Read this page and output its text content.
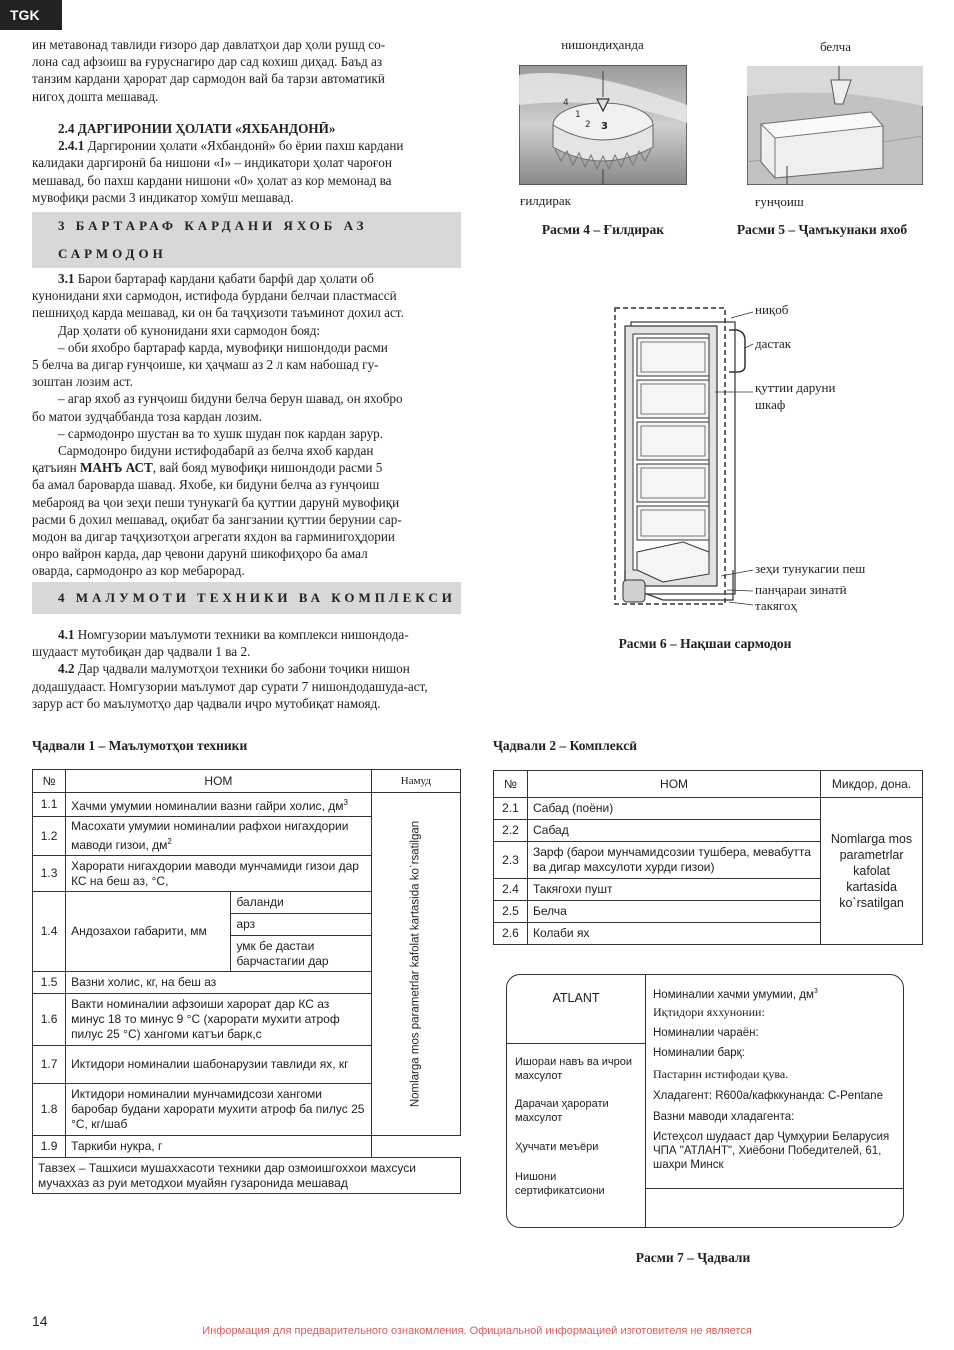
TGK

ин метавонад тавлиди ғизоро дар давлатҳои дар ҳоли рушд со-

лона сад афзоиш ва ғуруснагиро дар сад кохиш диҳад. Баъд аз

танзим кардани ҳарорат дар сармодон вай ба тарзи автоматикӣ

нигоҳ дошта мешавад.

2.4 ДАРГИРОНИИ ҲОЛАТИ «ЯХБАНДОНӢ»

2.4.1 Даргиронии ҳолати «Яхбандонӣ» бо ёрии пахш кардани

калидаки даргиронӣ ба нишони «I» – индикатори ҳолат чароғон

мешавад, бо пахш кардани нишони «0» ҳолат аз кор мемонад ва

мувофиқи расми 3 индикатор хомӯш мешавад.

3 БАРТАРАФ КАРДАНИ ЯХОБ АЗ
САРМОДОН

3.1 Барои бартараф кардани қабати барфӣ дар ҳолати об

кунонидани яхи сармодон, истифода бурдани белчаи пластмассӣ

пешниҳод карда мешавад, ки он ба таҷҳизоти таъминот дохил аст.

Дар ҳолати об кунонидани яхи сармодон бояд:

– оби яхобро бартараф карда, мувофиқи нишондоди расми

5 белча ва дигар ғунҷоише, ки ҳаҷмаш аз 2 л кам набошад гу-

зоштан лозим аст.

– агар яхоб аз ғунҷоиш бидуни белча берун шавад, он яхобро

бо матои зудҷаббанда тоза кардан лозим.

– сармодонро шустан ва то хушк шудан пок кардан зарур.

Сармодонро бидуни истифодабарӣ аз белча яхоб кардан

қатъиян МАНЪ АСТ, вай бояд мувофиқи нишондоди расми 5

ба амал бароварда шавад. Яхобе, ки бидуни белча аз ғунҷоиш

мебарояд ва ҷои зеҳи пеши тунукагӣ ба қуттии дарунӣ мувофиқи

расми 6 дохил мешавад, оқибат ба зангзании қуттии берунии сар-

модон ва дигар таҷҳизотҳои агрегати яхдон ва гарминигоҳдории

онро вайрон карда, дар ҷевони дарунӣ шикофиҳоро ба амал

оварда, сармодонро аз кор мебарорад.

4 МАЛУМОТИ ТЕХНИКИ ВА КОМПЛЕКСИ

4.1 Номгузории маълумоти техники ва комплекси нишондода-

шудааст мутобиқан дар ҷадвали 1 ва 2.

4.2 Дар ҷадвали малумотҳои техники бо забони тоҷики нишон

додашудааст. Номгузории маълумот дар сурати 7 нишондодашуда-аст,

зарур аст бо маълумотҳо дар ҷадвали иҷро мутобиқат намояд.

нишондиҳанда
4
1
2 3
ғилдирак
Расми 4 – Ғилдирак
белча
ғунҷоиш
Расми 5 – Ҷамъкунаки яхоб
ниқоб
дастак
қуттии даруни
шкаф
зеҳи тунукагии пеш
панҷараи зинатӣ
такягоҳ
Расми 6 – Нақшаи сармодон
Ҷадвали 1 – Маълумотҳои техники
№	НОМ		Намуд
1.1	Хачми умумии номиналии вазни гайри холис, $дм^3$		Nomlarga mos parametrlar kafolat kartasida ko`rsatilgan

1.2	Масохати умумии номиналии рафхои нигахдории маводи гизои, $дм^2$
1.3	Харорати нигахдории маводи мунчамиди гизои дар КС на беш аз, °С,		
1.4	Андозахои габарити, мм	баланди	
		арз	
		умк бе дастаи барчастагии дар	
1.5	Вазни холис, кг, на беш аз		
1.6	Вакти номиналии афзоиши харорат дар КС аз минус 18 то минус 9 °С (харорати мухити атроф пилус 25 °С) хангоми катъи барк,с		
1.7	Иктидори номиналии шабонарузии тавлиди ях, кг		
1.8	Иктидори номиналии мунчамидсози хангоми баробар будани харорати мухити атроф ба пилус 25 °С, кг/шаб		
1.9	Таркиби нукра, г		
Тавзех – Ташхиси мушаххасоти техники дар озмоишгоххои махсуси мучаххаз аз руи методхои муайян гузаронида мешавад			
Ҷадвали 2 – Комплексӣ
№	НОМ	Микдор, дона.
2.1	Сабад (поёни)	Nomlarga mos parametrlar kafolat kartasida ko`rsatilgan
2.2	Сабад	
2.3	Зарф (барои мунчамидсозии тушбера, мевабутта ва дигар махсулоти хурди гизои)	
2.4	Такягохи пушт	
2.5	Белча	
2.6	Колаби ях	
ATLANT
Ишораи навъ ва ичрои махсулот
Дарачаи ҳарорати махсулот
Ҳуччати меъёри
Нишони сертификатсиони
Номиналии хачми умумии, $дм^3$
Иқтидори яххунонии:
Номиналии чараён:
Номиналии барқ:
Пастарин истифодаи қува.
Хладагент: R600a/кафккунанда: C-Pentane
Вазни маводи хладагента:
Истеҳсол шудааст дар Ҷумҳурии Беларусия ЧПА "АТЛАНТ", Хиёбони Победителей, 61, шахри Минск
Расми 7 – Ҷадвали
14
Информация для предварительного ознакомления. Официальной информацией изготовителя не является
